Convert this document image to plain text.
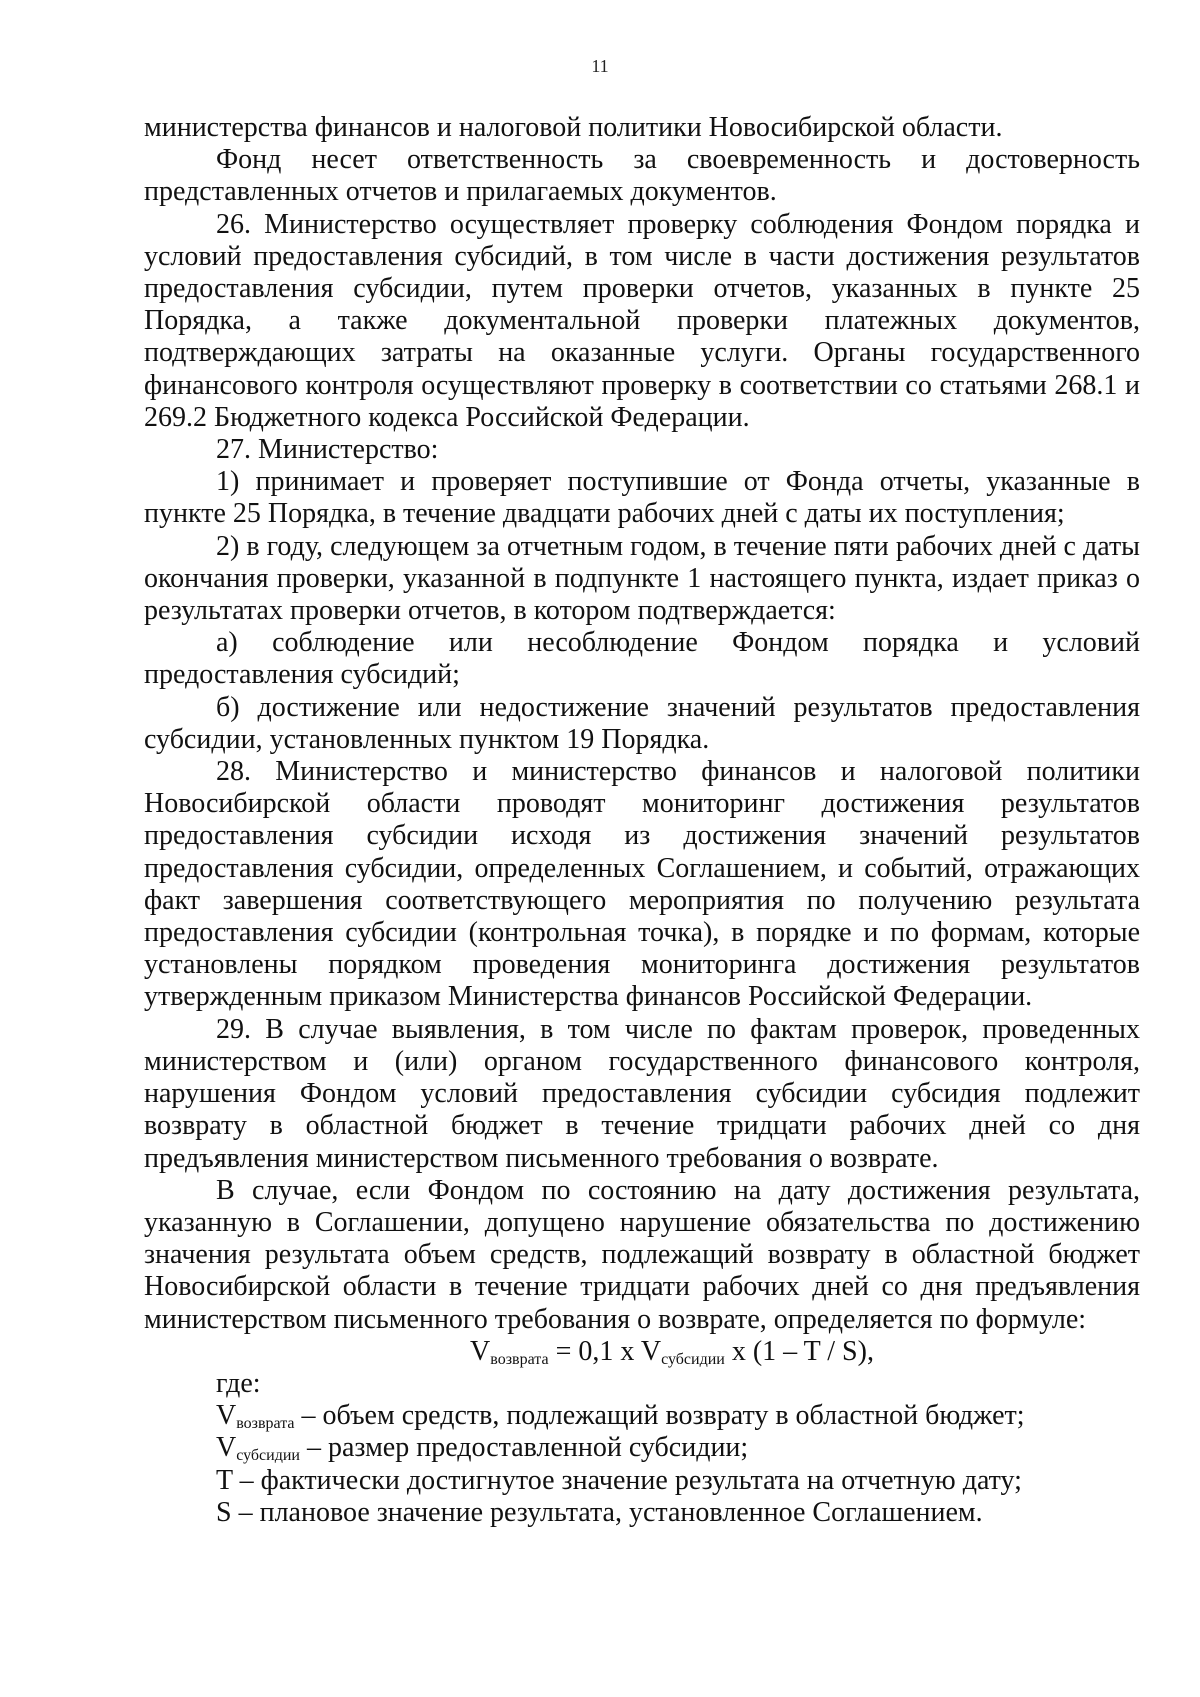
11

министерства финансов и налоговой политики Новосибирской области.

Фонд несет ответственность за своевременность и достоверность представленных отчетов и прилагаемых документов.

26. Министерство осуществляет проверку соблюдения Фондом порядка и условий предоставления субсидий, в том числе в части достижения результатов предоставления субсидии, путем проверки отчетов, указанных в пункте 25 Порядка, а также документальной проверки платежных документов, подтверждающих затраты на оказанные услуги. Органы государственного финансового контроля осуществляют проверку в соответствии со статьями 268.1 и 269.2 Бюджетного кодекса Российской Федерации.

27. Министерство:

1) принимает и проверяет поступившие от Фонда отчеты, указанные в пункте 25 Порядка, в течение двадцати рабочих дней с даты их поступления;

2) в году, следующем за отчетным годом, в течение пяти рабочих дней с даты окончания проверки, указанной в подпункте 1 настоящего пункта, издает приказ о результатах проверки отчетов, в котором подтверждается:

а) соблюдение или несоблюдение Фондом порядка и условий предоставления субсидий;

б) достижение или недостижение значений результатов предоставления субсидии, установленных пунктом 19 Порядка.

28. Министерство и министерство финансов и налоговой политики Новосибирской области проводят мониторинг достижения результатов предоставления субсидии исходя из достижения значений результатов предоставления субсидии, определенных Соглашением, и событий, отражающих факт завершения соответствующего мероприятия по получению результата предоставления субсидии (контрольная точка), в порядке и по формам, которые установлены порядком проведения мониторинга достижения результатов утвержденным приказом Министерства финансов Российской Федерации.

29. В случае выявления, в том числе по фактам проверок, проведенных министерством и (или) органом государственного финансового контроля, нарушения Фондом условий предоставления субсидии субсидия подлежит возврату в областной бюджет в течение тридцати рабочих дней со дня предъявления министерством письменного требования о возврате.

В случае, если Фондом по состоянию на дату достижения результата, указанную в Соглашении, допущено нарушение обязательства по достижению значения результата объем средств, подлежащий возврату в областной бюджет Новосибирской области в течение тридцати рабочих дней со дня предъявления министерством письменного требования о возврате, определяется по формуле:

$V_{возврата} = 0,1$ x $V_{субсидии}$ x (1 – T / S),

где:

$V_{возврата}$ – объем средств, подлежащий возврату в областной бюджет;

$V_{субсидии}$ – размер предоставленной субсидии;

T – фактически достигнутое значение результата на отчетную дату;

S – плановое значение результата, установленное Соглашением.
